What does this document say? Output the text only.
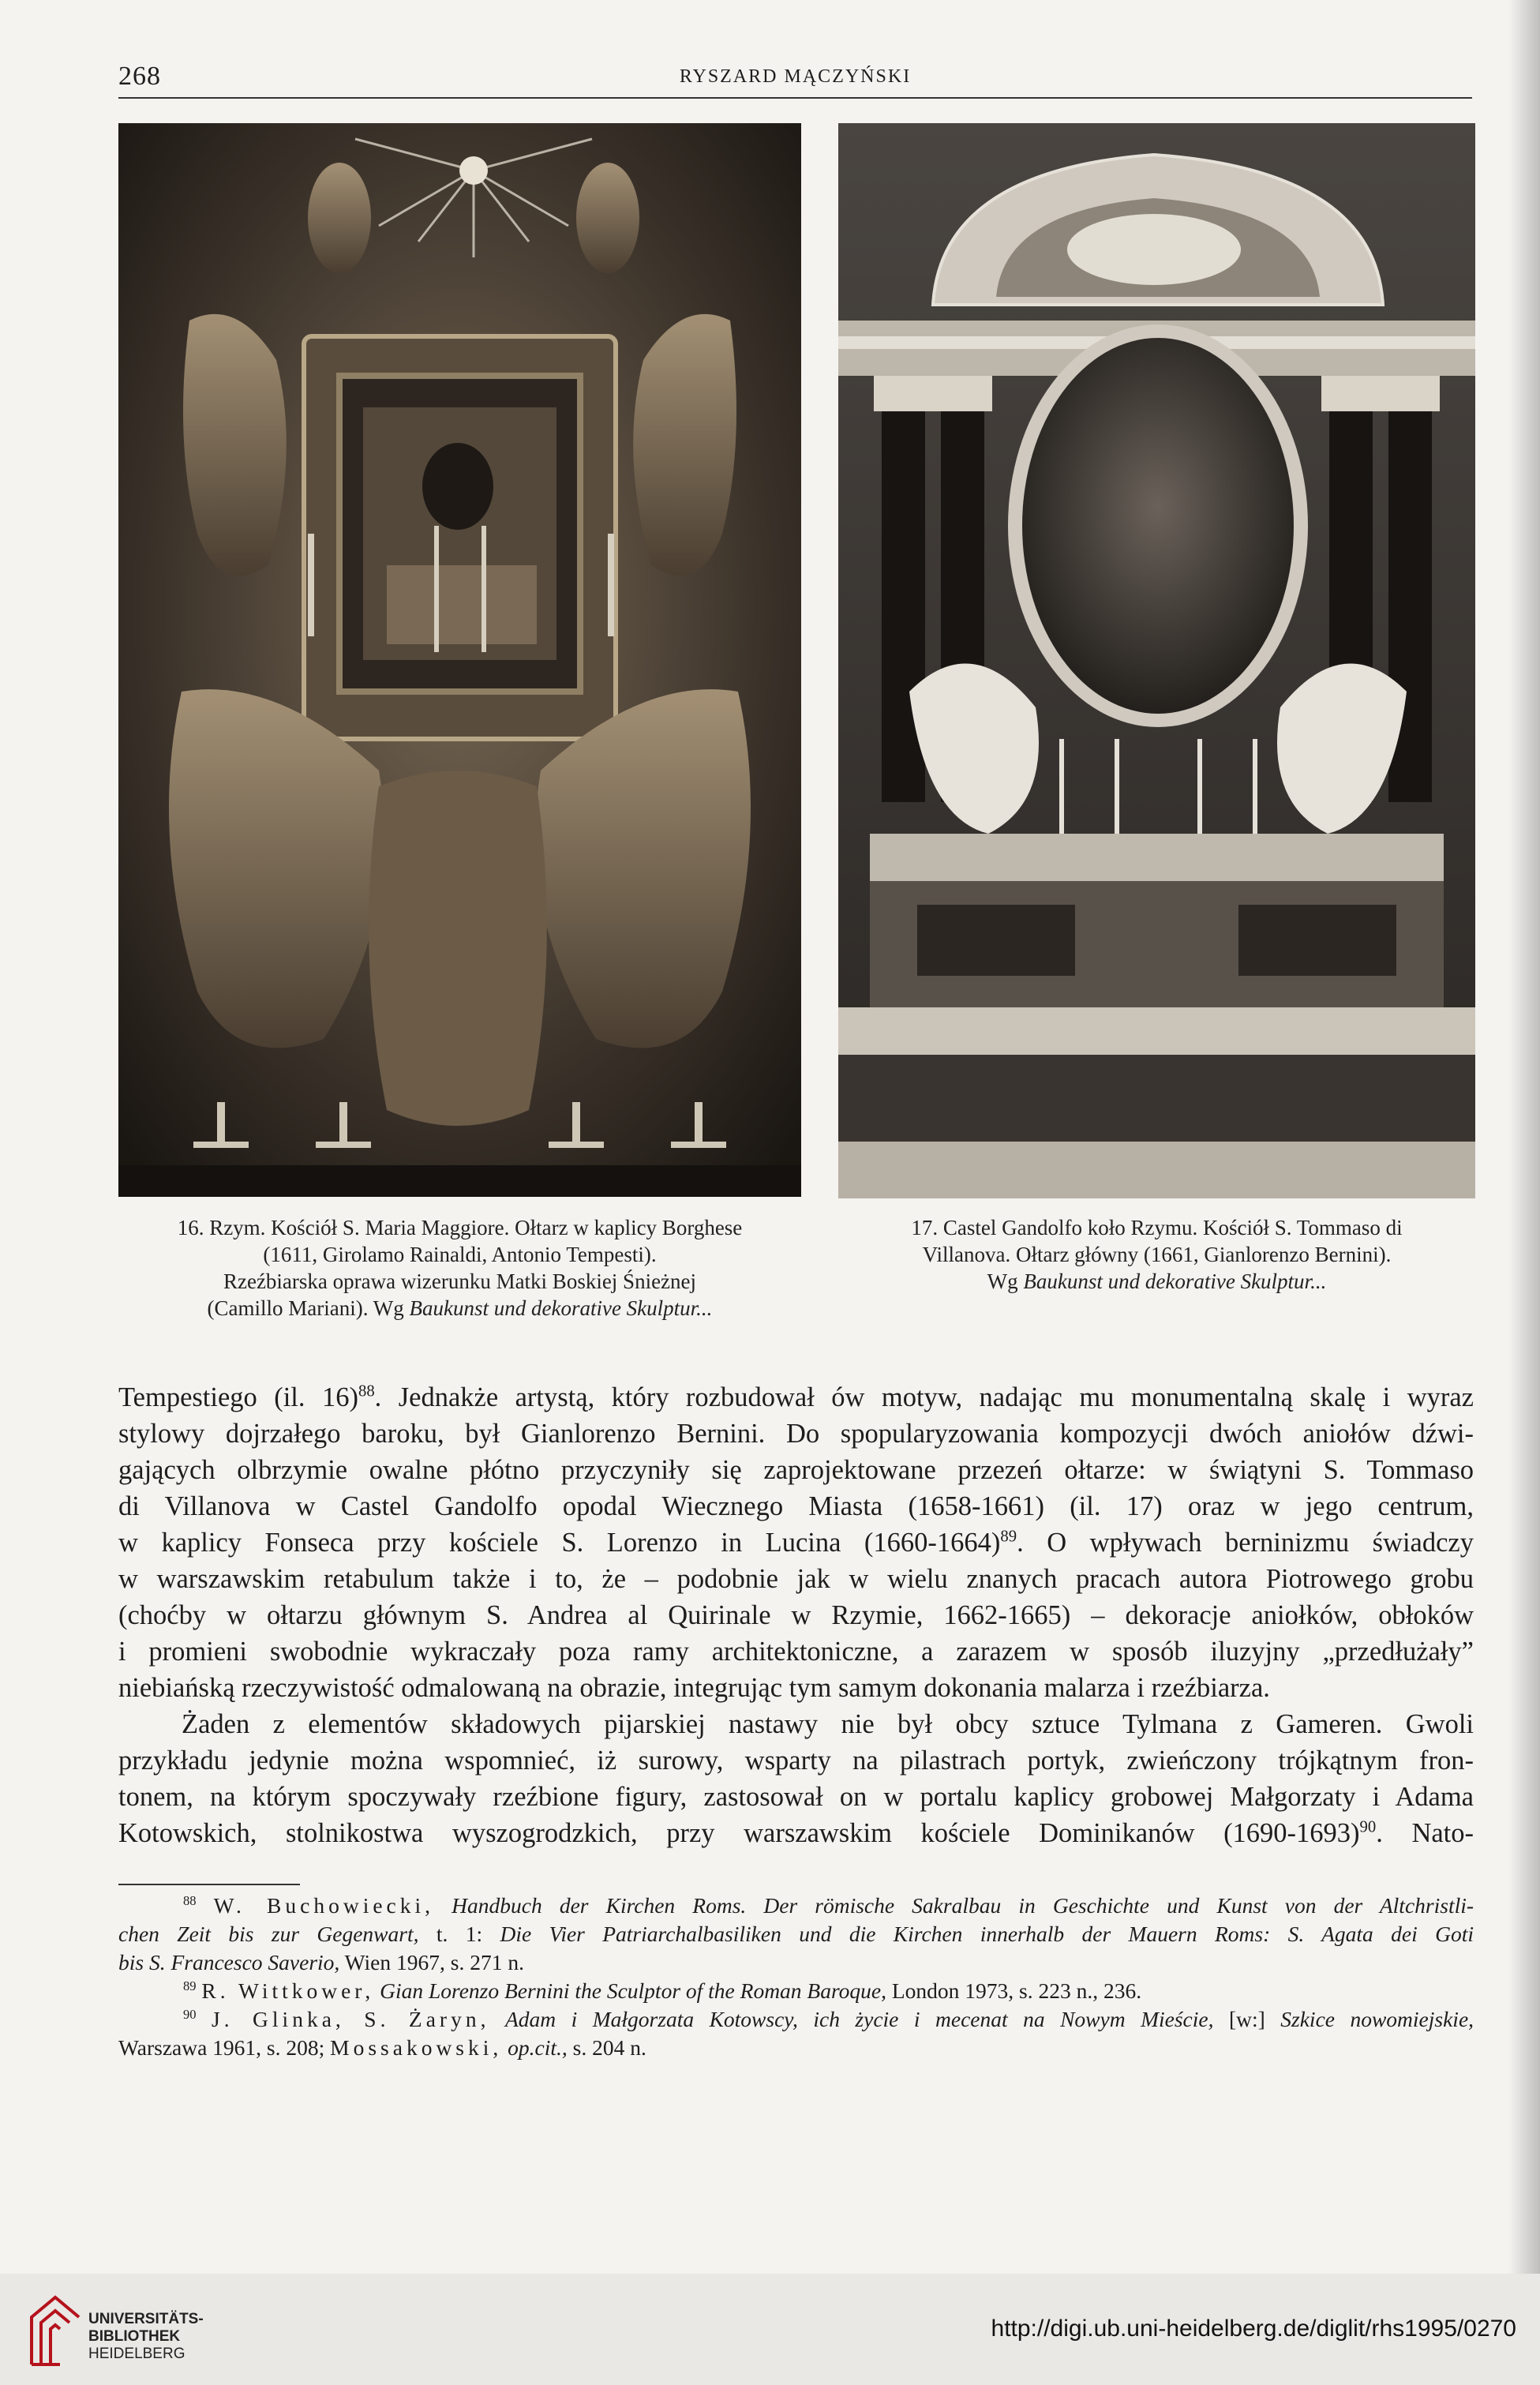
268	RYSZARD MĄCZYŃSKI
16. Rzym. Kościół S. Maria Maggiore. Ołtarz w kaplicy Borghese
(1611, Girolamo Rainaldi, Antonio Tempesti).
Rzeźbiarska oprawa wizerunku Matki Boskiej Śnieżnej
(Camillo Mariani). Wg Baukunst und dekorative Skulptur...
17. Castel Gandolfo koło Rzymu. Kościół S. Tommaso di
Villanova. Ołtarz główny (1661, Gianlorenzo Bernini).
Wg Baukunst und dekorative Skulptur...
Tempestiego (il. 16)$^{88}$. Jednakże artystą, który rozbudował ów motyw, nadając mu monumentalną skalę i wyraz
stylowy dojrzałego baroku, był Gianlorenzo Bernini. Do spopularyzowania kompozycji dwóch aniołów dźwi-
gających olbrzymie owalne płótno przyczyniły się zaprojektowane przezeń ołtarze: w świątyni S. Tommaso
di Villanova w Castel Gandolfo opodal Wiecznego Miasta (1658-1661) (il. 17) oraz w jego centrum,
w kaplicy Fonseca przy kościele S. Lorenzo in Lucina (1660-1664)$^{89}$. O wpływach berninizmu świadczy
w warszawskim retabulum także i to, że – podobnie jak w wielu znanych pracach autora Piotrowego grobu
(choćby w ołtarzu głównym S. Andrea al Quirinale w Rzymie, 1662-1665) – dekoracje aniołków, obłoków
i promieni swobodnie wykraczały poza ramy architektoniczne, a zarazem w sposób iluzyjny „przedłużały”
niebiańską rzeczywistość odmalowaną na obrazie, integrując tym samym dokonania malarza i rzeźbiarza.
Żaden z elementów składowych pijarskiej nastawy nie był obcy sztuce Tylmana z Gameren. Gwoli
przykładu jedynie można wspomnieć, iż surowy, wsparty na pilastrach portyk, zwieńczony trójkątnym fron-
tonem, na którym spoczywały rzeźbione figury, zastosował on w portalu kaplicy grobowej Małgorzaty i Adama
Kotowskich, stolnikostwa wyszogrodzkich, przy warszawskim kościele Dominikanów (1690-1693)$^{90}$. Nato-
$^{88}$ W. Buchowiecki, Handbuch der Kirchen Roms. Der römische Sakralbau in Geschichte und Kunst von der Altchristli-
chen Zeit bis zur Gegenwart, t. 1: Die Vier Patriarchalbasiliken und die Kirchen innerhalb der Mauern Roms: S. Agata dei Goti
bis S. Francesco Saverio, Wien 1967, s. 271 n.
$^{89}$ R. Wittkower, Gian Lorenzo Bernini the Sculptor of the Roman Baroque, London 1973, s. 223 n., 236.
$^{90}$ J. Glinka, S. Żaryn, Adam i Małgorzata Kotowscy, ich życie i mecenat na Nowym Mieście, [w:] Szkice nowomiejskie,
Warszawa 1961, s. 208; Mossakowski, op.cit., s. 204 n.
UNIVERSITÄTS-
BIBLIOTHEK
HEIDELBERG
http://digi.ub.uni-heidelberg.de/diglit/rhs1995/0270
